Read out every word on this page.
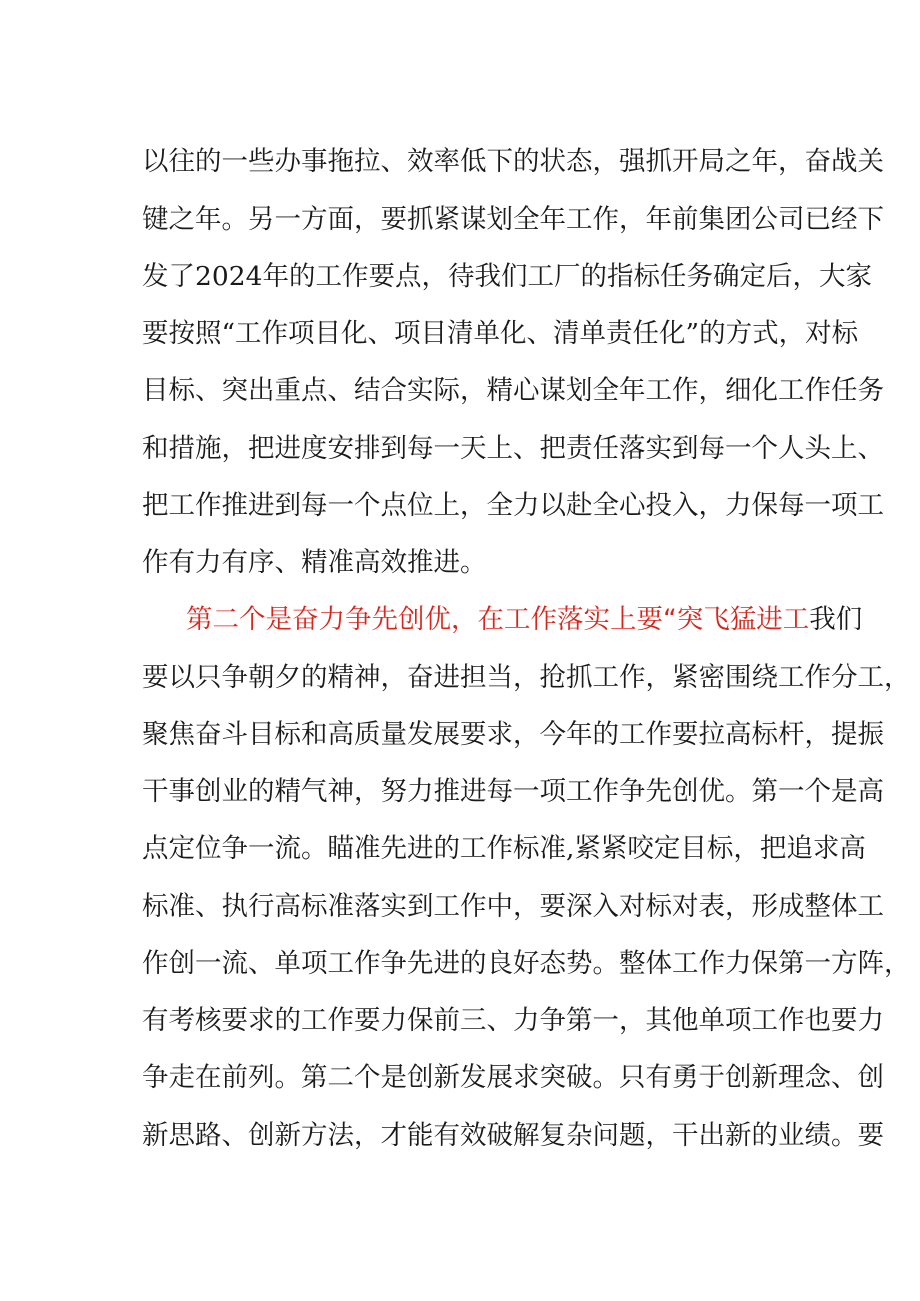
以往的一些办事拖拉、效率低下的状态，强抓开局之年，奋战关
键之年。另一方面，要抓紧谋划全年工作，年前集团公司已经下
发了2024年的工作要点，待我们工厂的指标任务确定后，大家
要按照“工作项目化、项目清单化、清单责任化”的方式，对标
目标、突出重点、结合实际，精心谋划全年工作，细化工作任务
和措施，把进度安排到每一天上、把责任落实到每一个人头上、
把工作推进到每一个点位上，全力以赴全心投入，力保每一项工
作有力有序、精准高效推进。
第二个是奋力争先创优，在工作落实上要“突飞猛进工我们
要以只争朝夕的精神，奋进担当，抢抓工作，紧密围绕工作分工，
聚焦奋斗目标和高质量发展要求，今年的工作要拉高标杆，提振
干事创业的精气神，努力推进每一项工作争先创优。第一个是高
点定位争一流。瞄准先进的工作标准,紧紧咬定目标，把追求高
标准、执行高标准落实到工作中，要深入对标对表，形成整体工
作创一流、单项工作争先进的良好态势。整体工作力保第一方阵，
有考核要求的工作要力保前三、力争第一，其他单项工作也要力
争走在前列。第二个是创新发展求突破。只有勇于创新理念、创
新思路、创新方法，才能有效破解复杂问题，干出新的业绩。要
